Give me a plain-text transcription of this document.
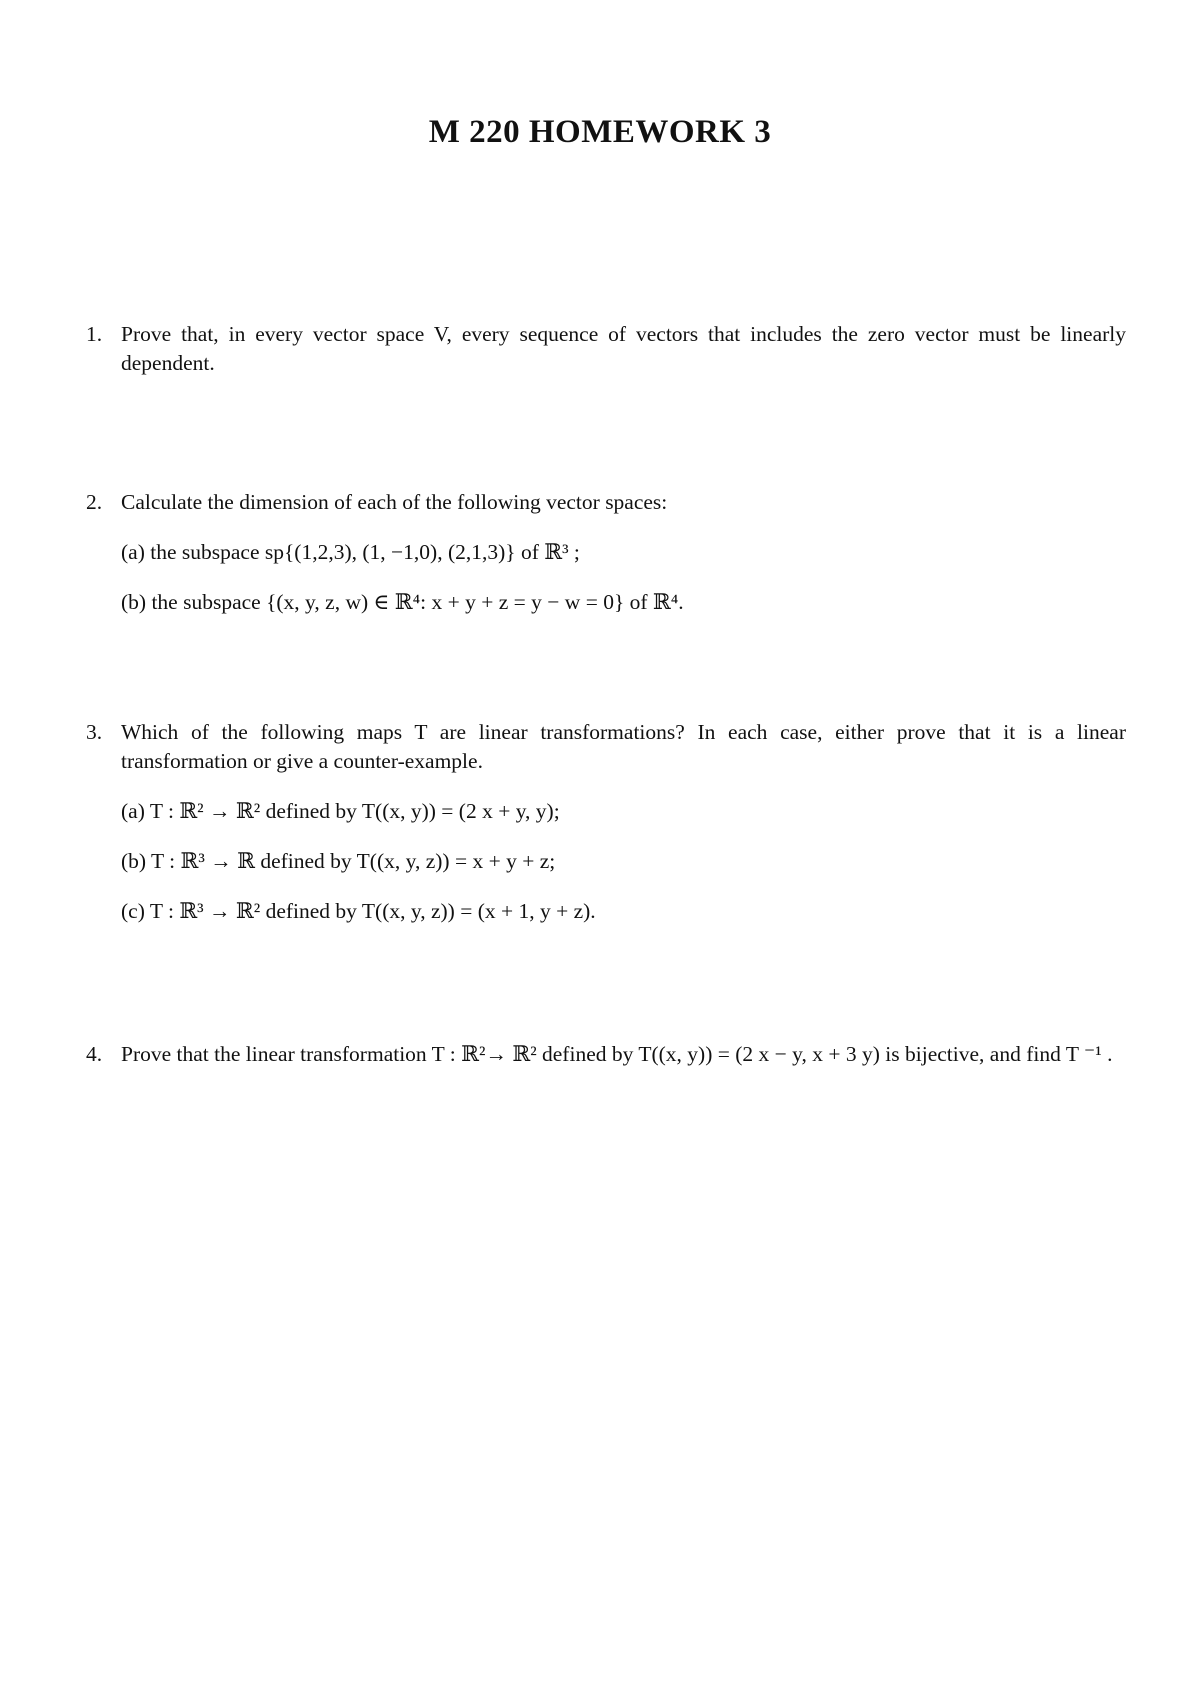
M 220 HOMEWORK 3
1. Prove that, in every vector space V, every sequence of vectors that includes the zero vector must be linearly dependent.
2. Calculate the dimension of each of the following vector spaces:
(a) the subspace sp{(1,2,3), (1, −1,0), (2,1,3)} of ℝ³ ;
(b) the subspace {(x, y, z, w) ∈ ℝ⁴: x + y + z = y − w = 0} of ℝ⁴.
3. Which of the following maps T are linear transformations? In each case, either prove that it is a linear transformation or give a counter-example.
(a) T : ℝ² → ℝ² defined by T((x, y)) = (2 x + y, y);
(b) T : ℝ³ → ℝ defined by T((x, y, z)) = x + y + z;
(c) T : ℝ³ → ℝ² defined by T((x, y, z)) = (x + 1, y + z).
4. Prove that the linear transformation T : ℝ²→ ℝ² defined by T((x, y)) = (2 x − y, x + 3 y) is bijective, and find T ⁻¹ .
